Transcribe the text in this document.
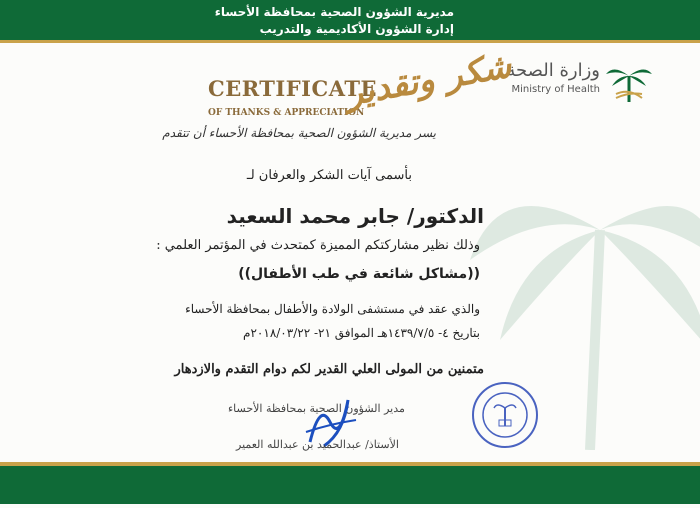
مديرية الشؤون الصحية بمحافظة الأحساء
إدارة الشؤون الأكاديمية والتدريب
وزارة الصحة
Ministry of Health
CERTIFICATE
OF THANKS & APPRECIATION
شكر وتقدير
يسر مديرية الشؤون الصحية بمحافظة الأحساء أن تتقدم
بأسمى آيات الشكر والعرفان لـ
الدكتور/ جابر محمد السعيد
وذلك نظير مشاركتكم المميزة كمتحدث في المؤتمر العلمي :
((مشاكل شائعة في طب الأطفال))
والذي عقد في مستشفى الولادة والأطفال بمحافظة الأحساء
بتاريخ ٤- ١٤٣٩/٧/٥هـ الموافق ٢١- ٢٠١٨/٠٣/٢٢م
متمنين من المولى العلي القدير لكم دوام التقدم والازدهار
مدير الشؤون الصحية بمحافظة الأحساء
الأستاذ/ عبدالحميد بن عبدالله العمير
